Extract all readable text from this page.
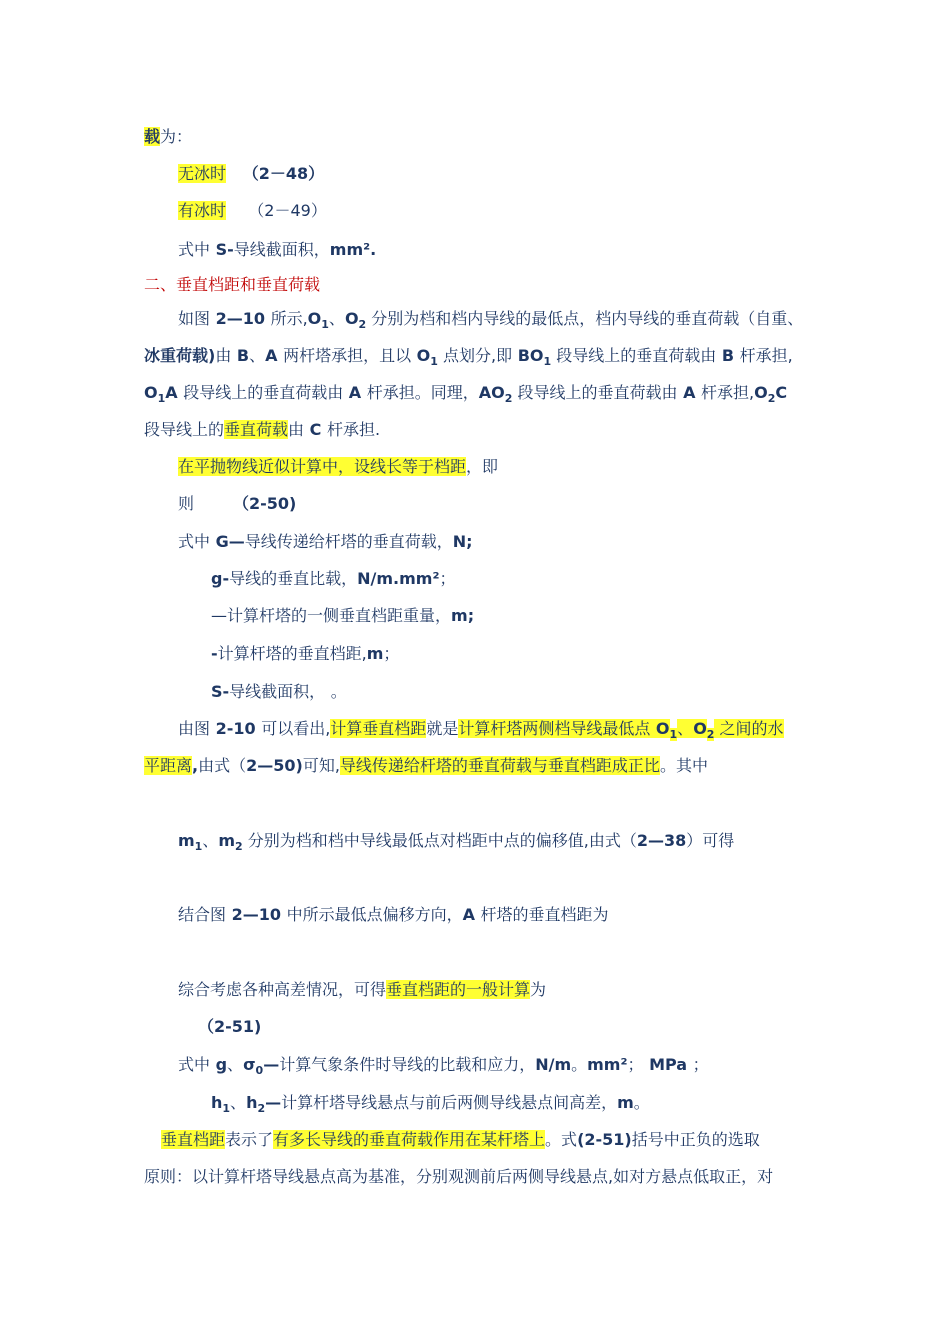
载为：
无冰时 （2－48）
有冰时 （2－49）
式中 S-导线截面积，mm².
二、垂直档距和垂直荷载
如图 2—10 所示$,O_1$、$O_2$ 分别为档和档内导线的最低点，档内导线的垂直荷载（自重、
冰重荷载)由 B、A 两杆塔承担，且以 $O_1$ 点划分,即 $BO_1$ 段导线上的垂直荷载由 B 杆承担,
$O_1A$ 段导线上的垂直荷载由 A 杆承担。同理，$AO_2$ 段导线上的垂直荷载由 A 杆承担$,O_2C$
段导线上的垂直荷载由 C 杆承担.
在平抛物线近似计算中，设线长等于档距，即
则 （2-50)
式中 G—导线传递给杆塔的垂直荷载，N;
g-导线的垂直比载，N/m.mm²；
—计算杆塔的一侧垂直档距重量，m;
-计算杆塔的垂直档距,m；
S-导线截面积， 。
由图 2-10 可以看出,计算垂直档距就是计算杆塔两侧档导线最低点 $O_1$、$O_2$ 之间的水
平距离,由式（2—50)可知,导线传递给杆塔的垂直荷载与垂直档距成正比。其中
$m_1$、$m_2$ 分别为档和档中导线最低点对档距中点的偏移值,由式（2—38）可得
结合图 2—10 中所示最低点偏移方向，A 杆塔的垂直档距为
综合考虑各种高差情况，可得垂直档距的一般计算为
（2-51)
式中 g、$\sigma_0—$计算气象条件时导线的比载和应力，N/m。mm²； MPa ；
$h_1$、$h_2—$计算杆塔导线悬点与前后两侧导线悬点间高差，m。
垂直档距表示了有多长导线的垂直荷载作用在某杆塔上。式(2-51)括号中正负的选取
原则：以计算杆塔导线悬点高为基准，分别观测前后两侧导线悬点,如对方悬点低取正，对
